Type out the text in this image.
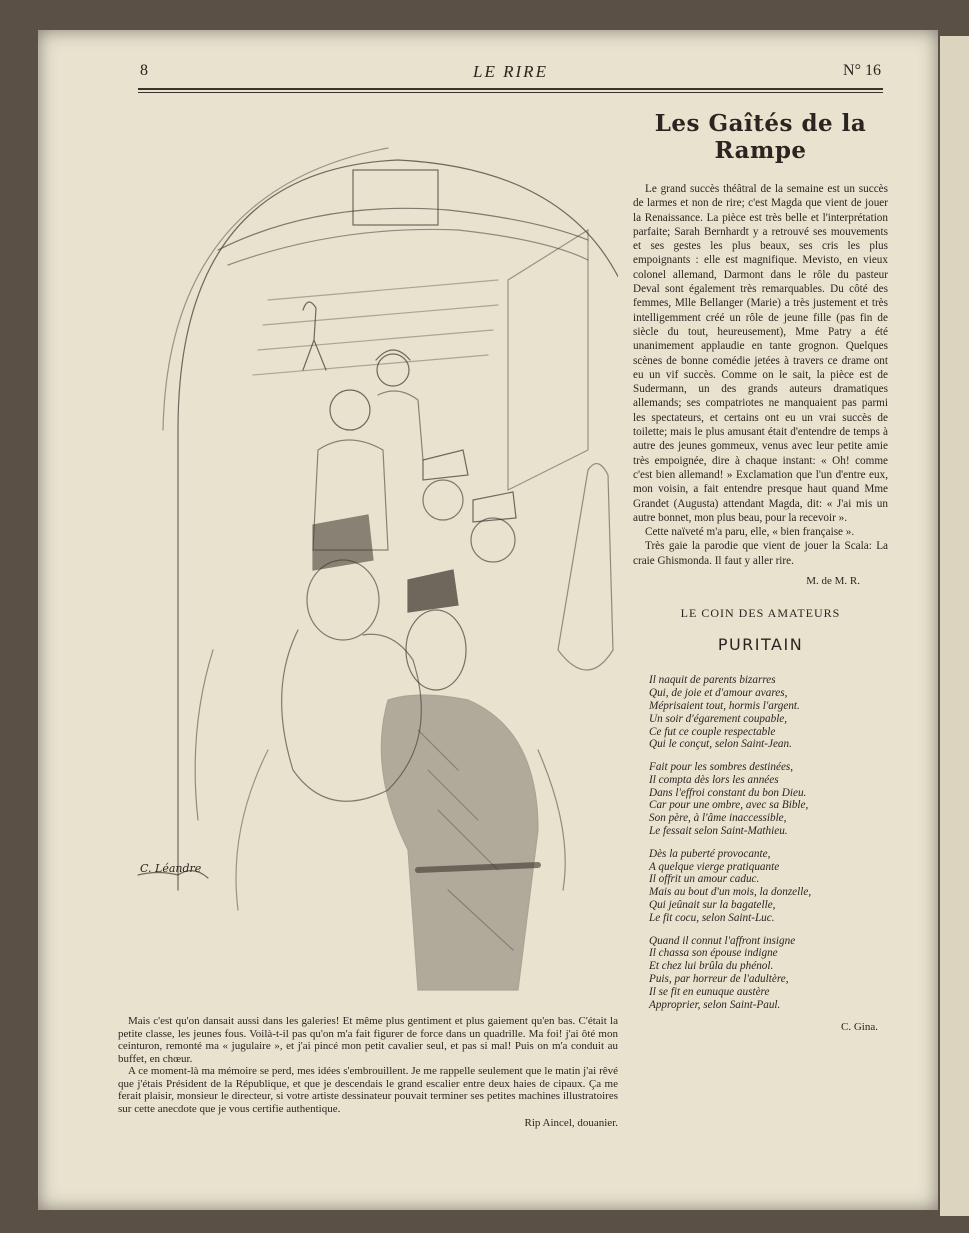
8	LE RIRE	N° 16
C. Léandre

Mais c'est qu'on dansait aussi dans les galeries! Et même plus gentiment et plus gaiement qu'en bas. C'était la petite classe, les jeunes fous. Voilà-t-il pas qu'on m'a fait figurer de force dans un quadrille. Ma foi! j'ai ôté mon ceinturon, remonté ma « jugulaire », et j'ai pincé mon petit cavalier seul, et pas si mal! Puis on m'a conduit au buffet, en chœur.

A ce moment-là ma mémoire se perd, mes idées s'embrouillent. Je me rappelle seulement que le matin j'ai rêvé que j'étais Président de la République, et que je descendais le grand escalier entre deux haies de cipaux. Ça me ferait plaisir, monsieur le directeur, si votre artiste dessinateur pouvait terminer ses petites machines illustratoires sur cette anecdote que je vous certifie authentique.

Rip Aincel, douanier.
Les Gaîtés de la Rampe

Le grand succès théâtral de la semaine est un succès de larmes et non de rire; c'est Magda que vient de jouer la Renaissance. La pièce est très belle et l'interprétation parfaite; Sarah Bernhardt y a retrouvé ses mouvements et ses gestes les plus beaux, ses cris les plus empoignants : elle est magnifique. Mevisto, en vieux colonel allemand, Darmont dans le rôle du pasteur Deval sont également très remarquables. Du côté des femmes, Mlle Bellanger (Marie) a très justement et très intelligemment créé un rôle de jeune fille (pas fin de siècle du tout, heureusement), Mme Patry a été unanimement applaudie en tante grognon. Quelques scènes de bonne comédie jetées à travers ce drame ont eu un vif succès. Comme on le sait, la pièce est de Sudermann, un des grands auteurs dramatiques allemands; ses compatriotes ne manquaient pas parmi les spectateurs, et certains ont eu un vrai succès de toilette; mais le plus amusant était d'entendre de temps à autre des jeunes gommeux, venus avec leur petite amie très empoignée, dire à chaque instant: « Oh! comme c'est bien allemand! » Exclamation que l'un d'entre eux, mon voisin, a fait entendre presque haut quand Mme Grandet (Augusta) attendant Magda, dit: « J'ai mis un autre bonnet, mon plus beau, pour la recevoir ».

Cette naïveté m'a paru, elle, « bien française ».

Très gaie la parodie que vient de jouer la Scala: La craie Ghismonda. Il faut y aller rire.

M. de M. R.
LE COIN DES AMATEURS
PURITAIN
Il naquit de parents bizarres
Qui, de joie et d'amour avares,
Méprisaient tout, hormis l'argent.
Un soir d'égarement coupable,
Ce fut ce couple respectable
Qui le conçut, selon Saint-Jean.
Fait pour les sombres destinées,
Il compta dès lors les années
Dans l'effroi constant du bon Dieu.
Car pour une ombre, avec sa Bible,
Son père, à l'âme inaccessible,
Le fessait selon Saint-Mathieu.
Dès la puberté provocante,
A quelque vierge pratiquante
Il offrit un amour caduc.
Mais au bout d'un mois, la donzelle,
Qui jeûnait sur la bagatelle,
Le fit cocu, selon Saint-Luc.
Quand il connut l'affront insigne
Il chassa son épouse indigne
Et chez lui brûla du phénol.
Puis, par horreur de l'adultère,
Il se fit en eunuque austère
Approprier, selon Saint-Paul.
C. Gina.
